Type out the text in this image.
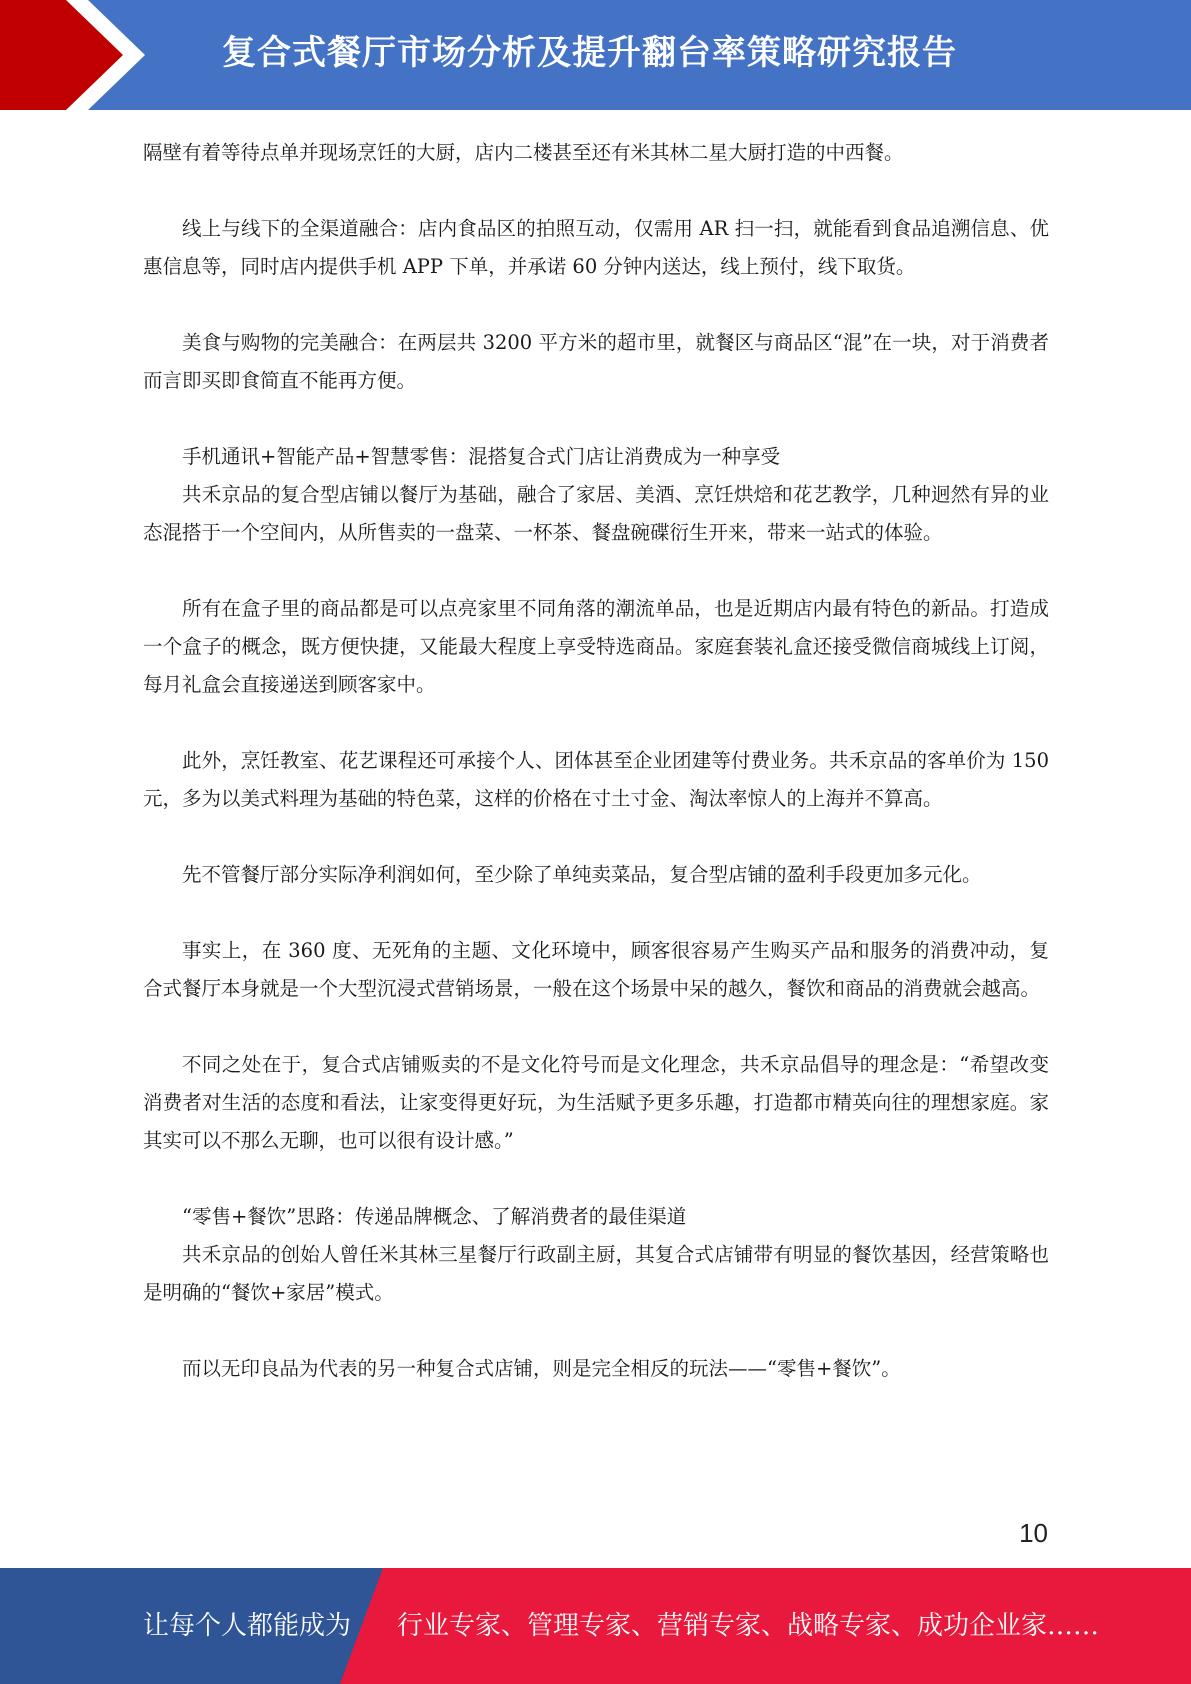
复合式餐厅市场分析及提升翻台率策略研究报告

隔壁有着等待点单并现场烹饪的大厨，店内二楼甚至还有米其林二星大厨打造的中西餐。

线上与线下的全渠道融合：店内食品区的拍照互动，仅需用 AR 扫一扫，就能看到食品追溯信息、优惠信息等，同时店内提供手机 APP 下单，并承诺 60 分钟内送达，线上预付，线下取货。

美食与购物的完美融合：在两层共 3200 平方米的超市里，就餐区与商品区“混”在一块，对于消费者而言即买即食简直不能再方便。

手机通讯+智能产品+智慧零售：混搭复合式门店让消费成为一种享受

共禾京品的复合型店铺以餐厅为基础，融合了家居、美酒、烹饪烘焙和花艺教学，几种迥然有异的业态混搭于一个空间内，从所售卖的一盘菜、一杯茶、餐盘碗碟衍生开来，带来一站式的体验。

所有在盒子里的商品都是可以点亮家里不同角落的潮流单品，也是近期店内最有特色的新品。打造成一个盒子的概念，既方便快捷，又能最大程度上享受特选商品。家庭套装礼盒还接受微信商城线上订阅，每月礼盒会直接递送到顾客家中。

此外，烹饪教室、花艺课程还可承接个人、团体甚至企业团建等付费业务。共禾京品的客单价为 150 元，多为以美式料理为基础的特色菜，这样的价格在寸土寸金、淘汰率惊人的上海并不算高。

先不管餐厅部分实际净利润如何，至少除了单纯卖菜品，复合型店铺的盈利手段更加多元化。

事实上，在 360 度、无死角的主题、文化环境中，顾客很容易产生购买产品和服务的消费冲动，复合式餐厅本身就是一个大型沉浸式营销场景，一般在这个场景中呆的越久，餐饮和商品的消费就会越高。

不同之处在于，复合式店铺贩卖的不是文化符号而是文化理念，共禾京品倡导的理念是：“希望改变消费者对生活的态度和看法，让家变得更好玩，为生活赋予更多乐趣，打造都市精英向往的理想家庭。家其实可以不那么无聊，也可以很有设计感。”

“零售+餐饮”思路：传递品牌概念、了解消费者的最佳渠道

共禾京品的创始人曾任米其林三星餐厅行政副主厨，其复合式店铺带有明显的餐饮基因，经营策略也是明确的“餐饮+家居”模式。

而以无印良品为代表的另一种复合式店铺，则是完全相反的玩法——“零售+餐饮”。

10
让每个人都能成为 行业专家、管理专家、营销专家、战略专家、成功企业家……
